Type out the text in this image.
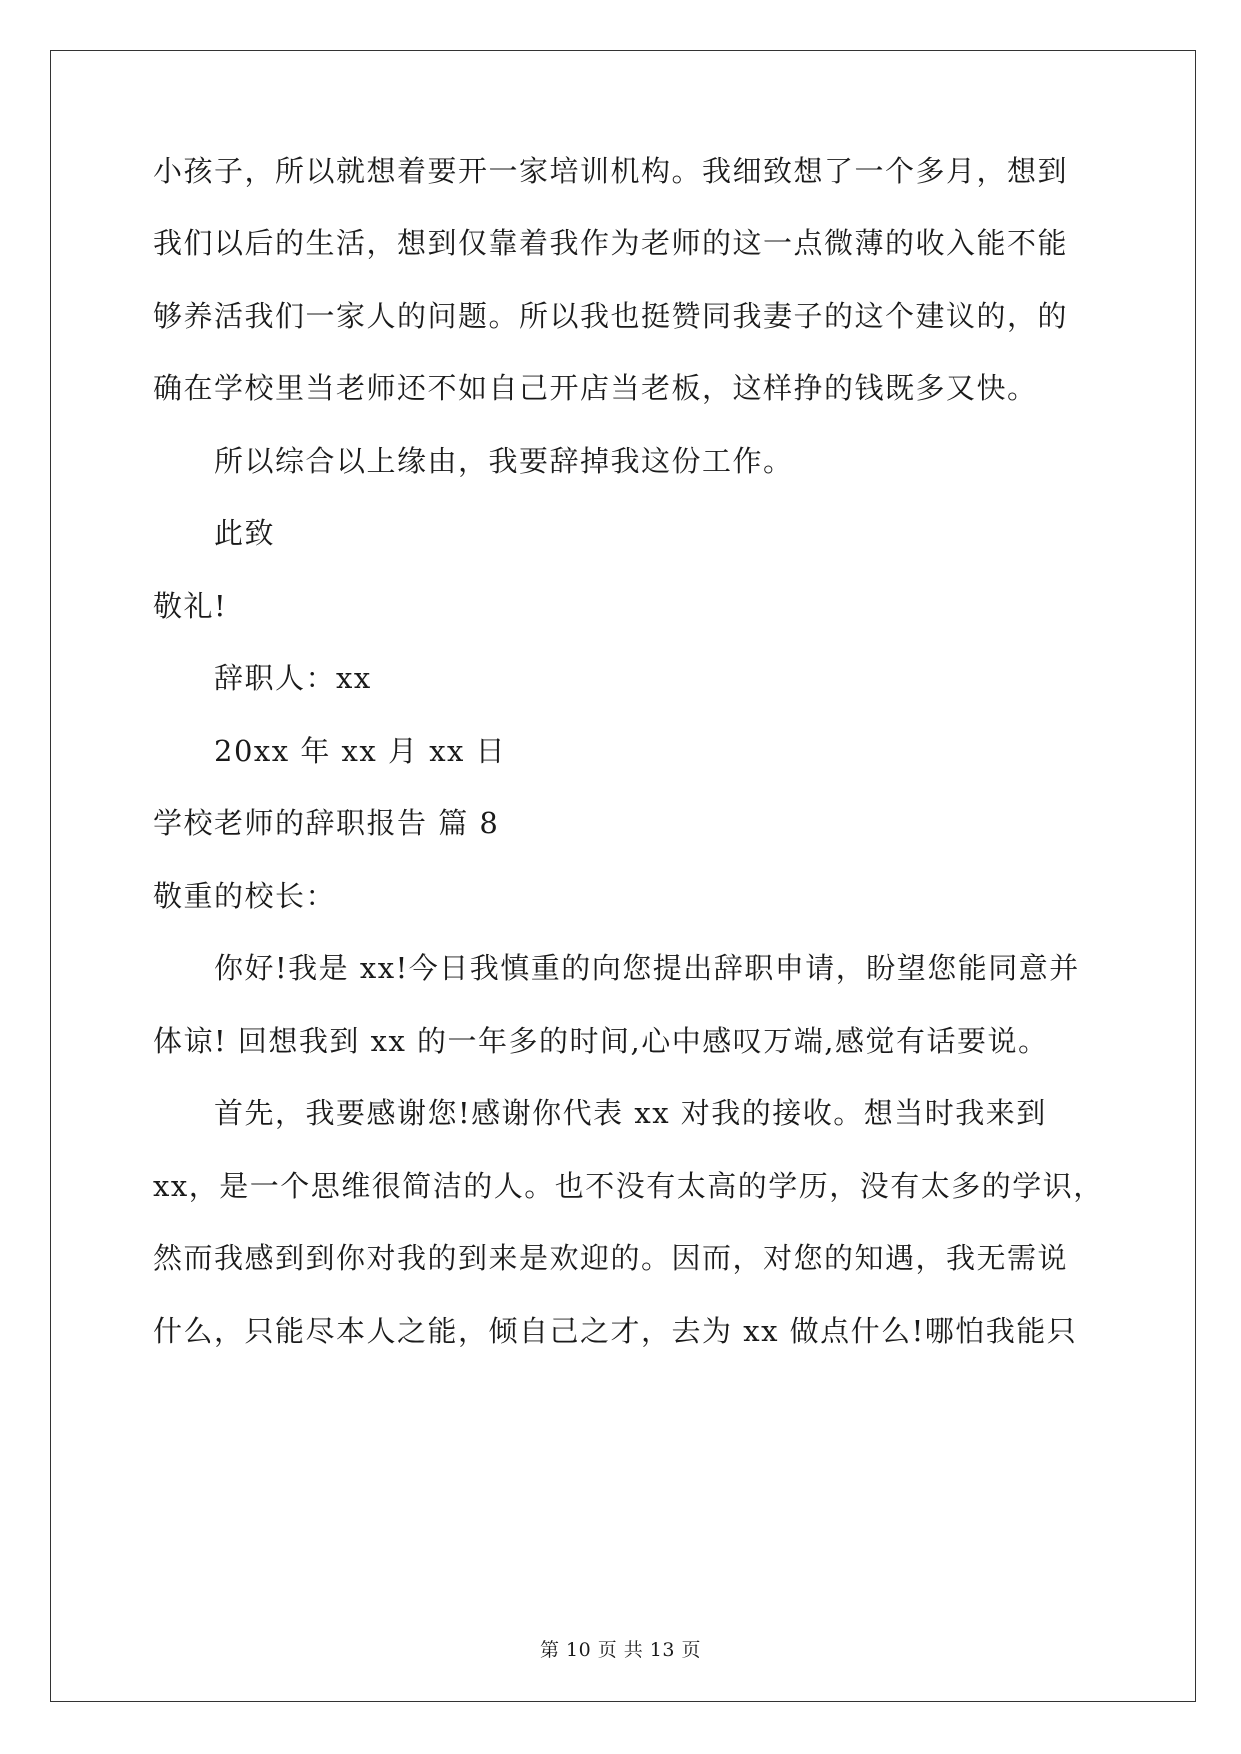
小孩子，所以就想着要开一家培训机构。我细致想了一个多月，想到
我们以后的生活，想到仅靠着我作为老师的这一点微薄的收入能不能
够养活我们一家人的问题。所以我也挺赞同我妻子的这个建议的，的
确在学校里当老师还不如自己开店当老板，这样挣的钱既多又快。
所以综合以上缘由，我要辞掉我这份工作。
此致
敬礼!
辞职人：xx
20xx 年 xx 月 xx 日
学校老师的辞职报告 篇 8
敬重的校长：
你好!我是 xx!今日我慎重的向您提出辞职申请，盼望您能同意并
体谅! 回想我到 xx 的一年多的时间,心中感叹万端,感觉有话要说。
首先，我要感谢您!感谢你代表 xx 对我的接收。想当时我来到
xx，是一个思维很简洁的人。也不没有太高的学历，没有太多的学识，
然而我感到到你对我的到来是欢迎的。因而，对您的知遇，我无需说
什么，只能尽本人之能，倾自己之才，去为 xx 做点什么!哪怕我能只
第 10 页 共 13 页
